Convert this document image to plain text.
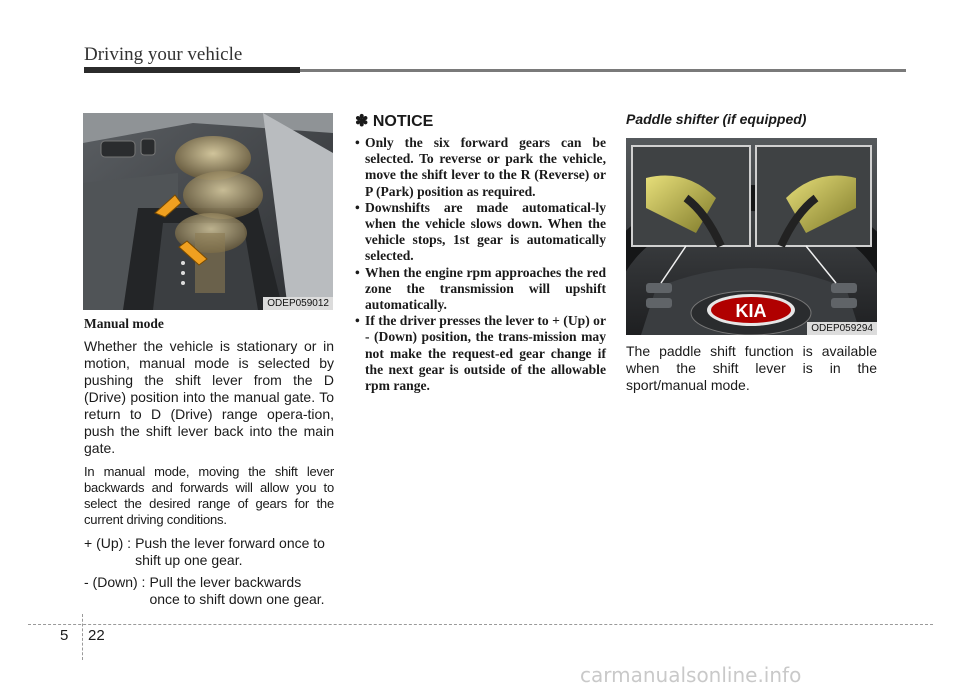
Driving your vehicle
ODEP059012
Manual mode

Whether the vehicle is stationary or in motion, manual mode is selected by pushing the shift lever from the D (Drive) position into the manual gate. To return to D (Drive) range opera-tion, push the shift lever back into the main gate.

In manual mode, moving the shift lever backwards and forwards will allow you to select the desired range of gears for the current driving conditions.

+ (Up) : Push the lever forward once to shift up one gear.
- (Down) : Pull the lever backwards once to shift down one gear.
✽ NOTICE
• Only the six forward gears can be selected. To reverse or park the vehicle, move the shift lever to the R (Reverse) or P (Park) position as required.
• Downshifts are made automatical-ly when the vehicle slows down. When the vehicle stops, 1st gear is automatically selected.
• When the engine rpm approaches the red zone the transmission will upshift automatically.
• If the driver presses the lever to + (Up) or - (Down) position, the trans-mission may not make the request-ed gear change if the next gear is outside of the allowable rpm range.
Paddle shifter (if equipped)
KIA
ODEP059294

The paddle shift function is available when the shift lever is in the sport/manual mode.

5 22
carmanualsonline.info
